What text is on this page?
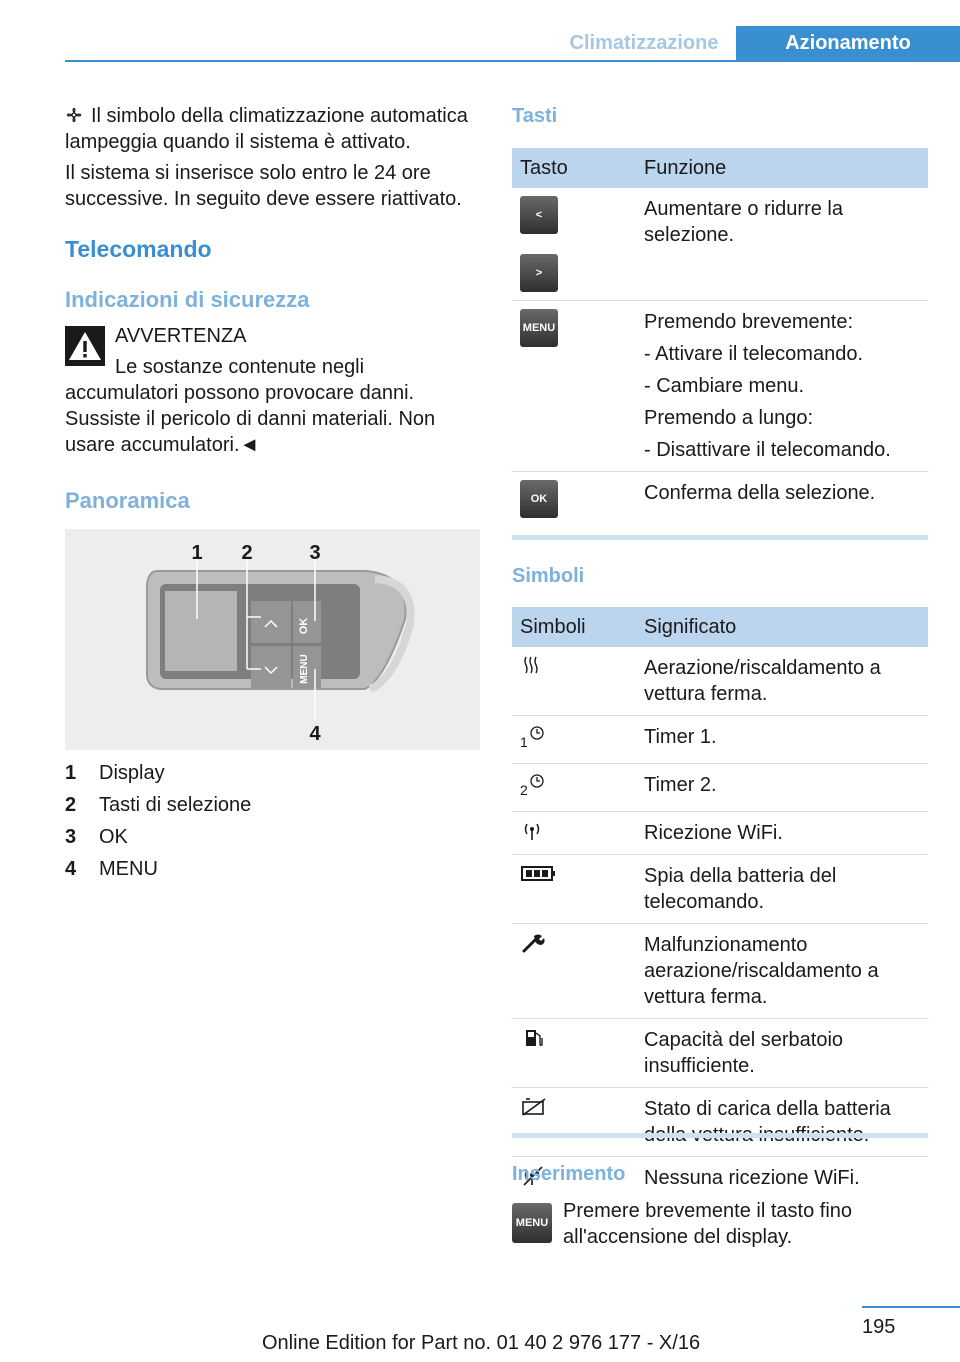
Climatizzazione	Azionamento
Il simbolo della climatizzazione automatica lampeggia quando il sistema è attivato.
Il sistema si inserisce solo entro le 24 ore successive. In seguito deve essere riattivato.
Telecomando
Indicazioni di sicurezza
AVVERTENZA
Le sostanze contenute negli accumulatori possono provocare danni. Sussiste il pericolo di danni materiali. Non usare accumulatori.◄
Panoramica
OK
MENU
1 2	3
4
1 Display
2 Tasti di selezione
3 OK
4 MENU
Tasti
Tasto	Funzione

<
>	Aumentare o ridurre la selezione.

MENU	Premendo brevemente:
- Attivare il telecomando.
- Cambiare menu.
Premendo a lungo:
- Disattivare il telecomando.

OK	Conferma della selezione.
Simboli
Simboli	Significato
	Aerazione/riscaldamento a vettura ferma.
$_1$	Timer 1.
$_2$	Timer 2.
	Ricezione WiFi.
	Spia della batteria del telecomando.
	Malfunzionamento aerazione/riscaldamento a vettura ferma.
	Capacità del serbatoio insufficiente.
	Stato di carica della batteria
	Nessuna ricezione WiFi.
Inserimento
MENU
Premere brevemente il tasto fino all'accensione del display.
195
Online Edition for Part no. 01 40 2 976 177 - X/16
